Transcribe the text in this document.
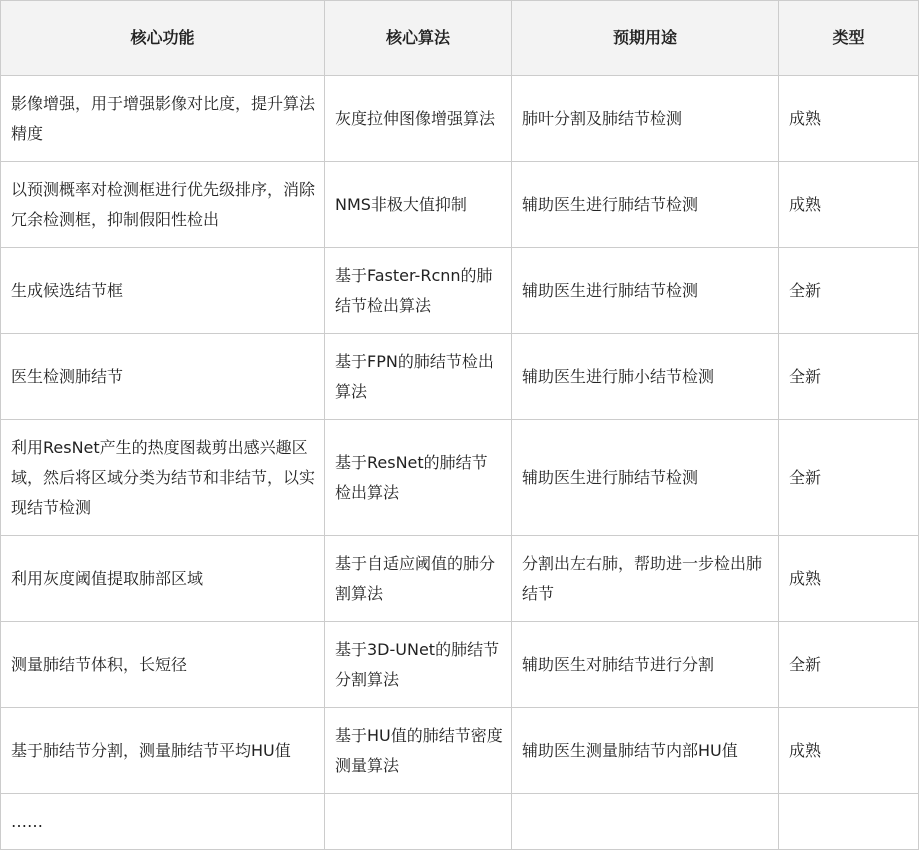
核心功能	核心算法	预期用途	类型
影像增强，用于增强影像对比度，提升算法精度	灰度拉伸图像增强算法	肺叶分割及肺结节检测	成熟
以预测概率对检测框进行优先级排序，消除冗余检测框，抑制假阳性检出	NMS非极大值抑制	辅助医生进行肺结节检测	成熟
生成候选结节框	基于Faster-Rcnn的肺结节检出算法	辅助医生进行肺结节检测	全新
医生检测肺结节	基于FPN的肺结节检出算法	辅助医生进行肺小结节检测	全新
利用ResNet产生的热度图裁剪出感兴趣区域，然后将区域分类为结节和非结节，以实现结节检测	基于ResNet的肺结节检出算法	辅助医生进行肺结节检测	全新
利用灰度阈值提取肺部区域	基于自适应阈值的肺分割算法	分割出左右肺，帮助进一步检出肺结节	成熟
测量肺结节体积，长短径	基于3D-UNet的肺结节分割算法	辅助医生对肺结节进行分割	全新
基于肺结节分割，测量肺结节平均HU值	基于HU值的肺结节密度测量算法	辅助医生测量肺结节内部HU值	成熟
……			
